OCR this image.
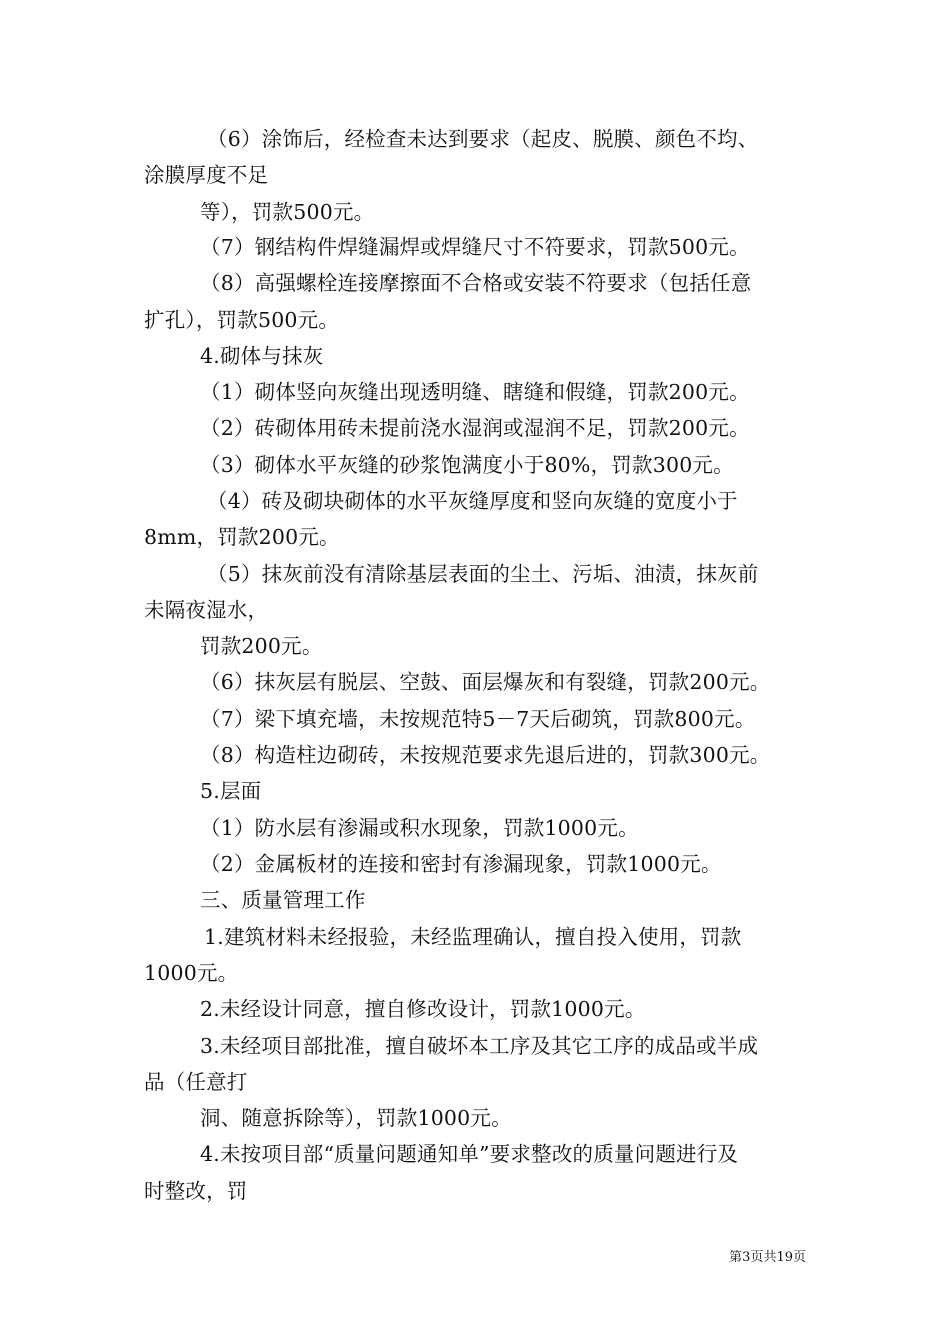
（6）涂饰后，经检查未达到要求（起皮、脱膜、颜色不均、
涂膜厚度不足
等），罚款500元。
（7）钢结构件焊缝漏焊或焊缝尺寸不符要求，罚款500元。
（8）高强螺栓连接摩擦面不合格或安装不符要求（包括任意
扩孔），罚款500元。
4.砌体与抹灰
（1）砌体竖向灰缝出现透明缝、瞎缝和假缝，罚款200元。
（2）砖砌体用砖未提前浇水湿润或湿润不足，罚款200元。
（3）砌体水平灰缝的砂浆饱满度小于80%，罚款300元。
（4）砖及砌块砌体的水平灰缝厚度和竖向灰缝的宽度小于
8mm，罚款200元。
（5）抹灰前没有清除基层表面的尘土、污垢、油渍，抹灰前
未隔夜湿水，
罚款200元。
（6）抹灰层有脱层、空鼓、面层爆灰和有裂缝，罚款200元。
（7）梁下填充墙，未按规范特5－7天后砌筑，罚款800元。
（8）构造柱边砌砖，未按规范要求先退后进的，罚款300元。
5.层面
（1）防水层有渗漏或积水现象，罚款1000元。
（2）金属板材的连接和密封有渗漏现象，罚款1000元。
三、质量管理工作
1.建筑材料未经报验，未经监理确认，擅自投入使用，罚款
1000元。
2.未经设计同意，擅自修改设计，罚款1000元。
3.未经项目部批准，擅自破坏本工序及其它工序的成品或半成
品（任意打
洞、随意拆除等），罚款1000元。
4.未按项目部“质量问题通知单”要求整改的质量问题进行及
时整改，罚
第3页共19页
